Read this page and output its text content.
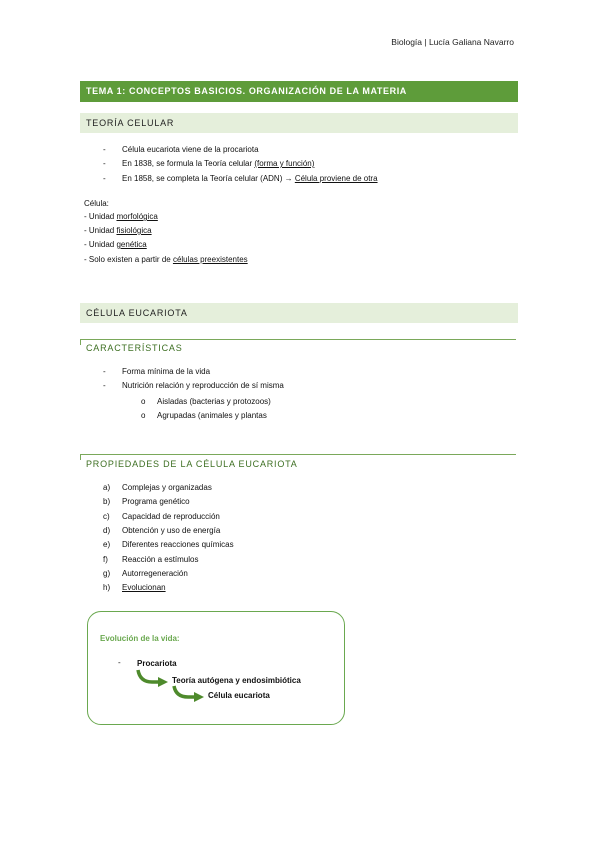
Biología | Lucía Galiana Navarro
TEMA 1: CONCEPTOS BASICIOS. ORGANIZACIÓN DE LA MATERIA
TEORÍA CELULAR
-	Célula eucariota viene de la procariota
-	En 1838, se formula la Teoría celular (forma y función)
-	En 1858, se completa la Teoría celular (ADN) → Célula proviene de otra
Célula:
- Unidad morfológica
- Unidad fisiológica
- Unidad genética
- Solo existen a partir de células preexistentes
CÉLULA EUCARIOTA
CARACTERÍSTICAS
-	Forma mínima de la vida
-	Nutrición relación y reproducción de sí misma
o	Aisladas (bacterias y protozoos)
o	Agrupadas (animales y plantas
PROPIEDADES DE LA CÉLULA EUCARIOTA
a)	Complejas y organizadas
b)	Programa genético
c)	Capacidad de reproducción
d)	Obtención y uso de energía
e)	Diferentes reacciones químicas
f)	Reacción a estímulos
g)	Autorregeneración
h)	Evolucionan
Evolución de la vida:
- Procariota
Teoría autógena y endosimbiótica
Célula eucariota
